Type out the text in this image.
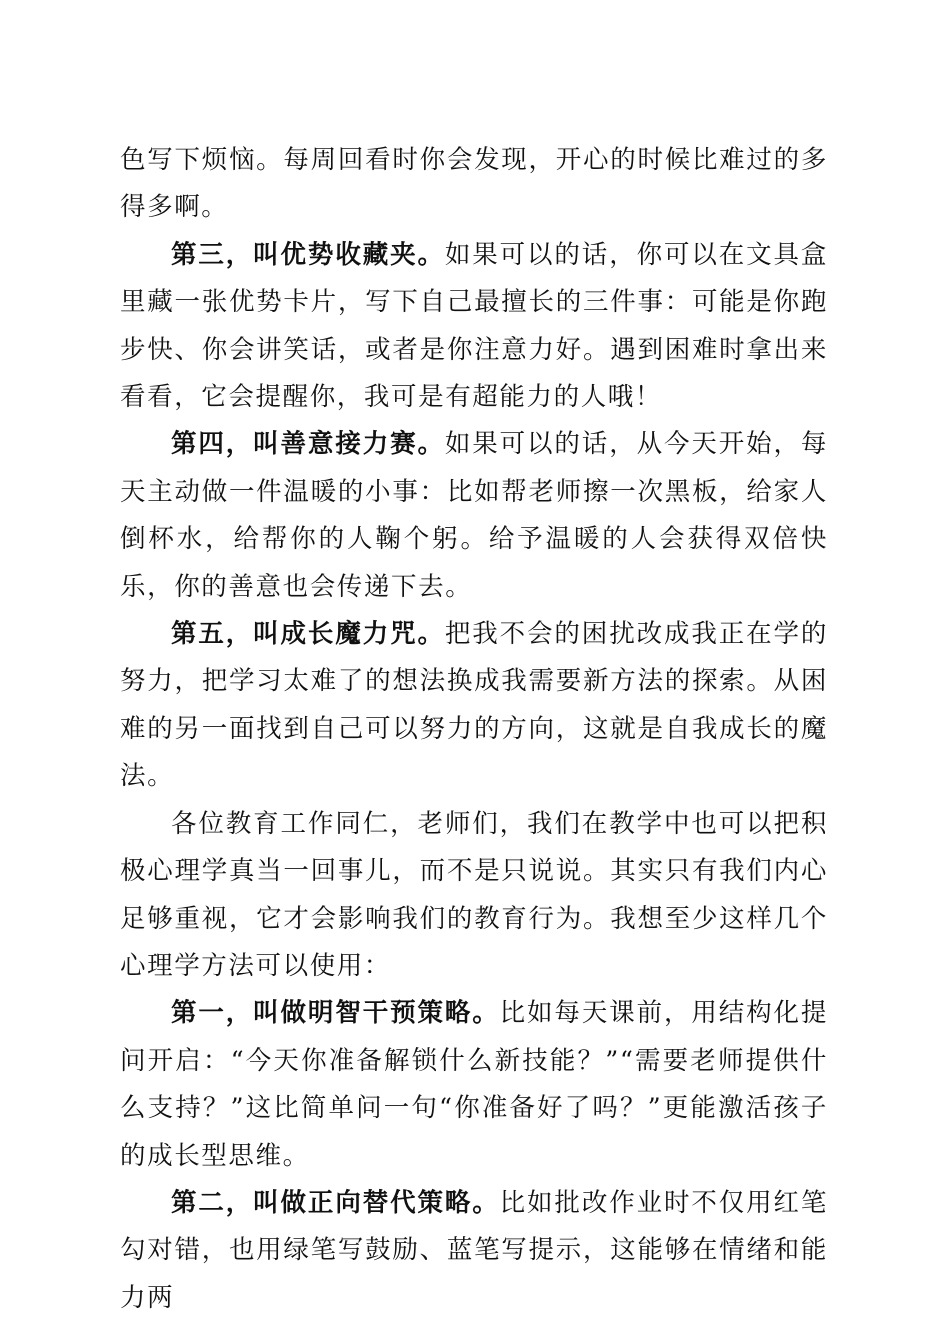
色写下烦恼。每周回看时你会发现，开心的时候比难过的多得多啊。

第三，叫优势收藏夹。如果可以的话，你可以在文具盒里藏一张优势卡片，写下自己最擅长的三件事：可能是你跑步快、你会讲笑话，或者是你注意力好。遇到困难时拿出来看看，它会提醒你，我可是有超能力的人哦！

第四，叫善意接力赛。如果可以的话，从今天开始，每天主动做一件温暖的小事：比如帮老师擦一次黑板，给家人倒杯水，给帮你的人鞠个躬。给予温暖的人会获得双倍快乐，你的善意也会传递下去。

第五，叫成长魔力咒。把我不会的困扰改成我正在学的努力，把学习太难了的想法换成我需要新方法的探索。从困难的另一面找到自己可以努力的方向，这就是自我成长的魔法。

各位教育工作同仁，老师们，我们在教学中也可以把积极心理学真当一回事儿，而不是只说说。其实只有我们内心足够重视，它才会影响我们的教育行为。我想至少这样几个心理学方法可以使用：

第一，叫做明智干预策略。比如每天课前，用结构化提问开启：“今天你准备解锁什么新技能？”“需要老师提供什么支持？”这比简单问一句“你准备好了吗？”更能激活孩子的成长型思维。

第二，叫做正向替代策略。比如批改作业时不仅用红笔勾对错，也用绿笔写鼓励、蓝笔写提示，这能够在情绪和能力两
